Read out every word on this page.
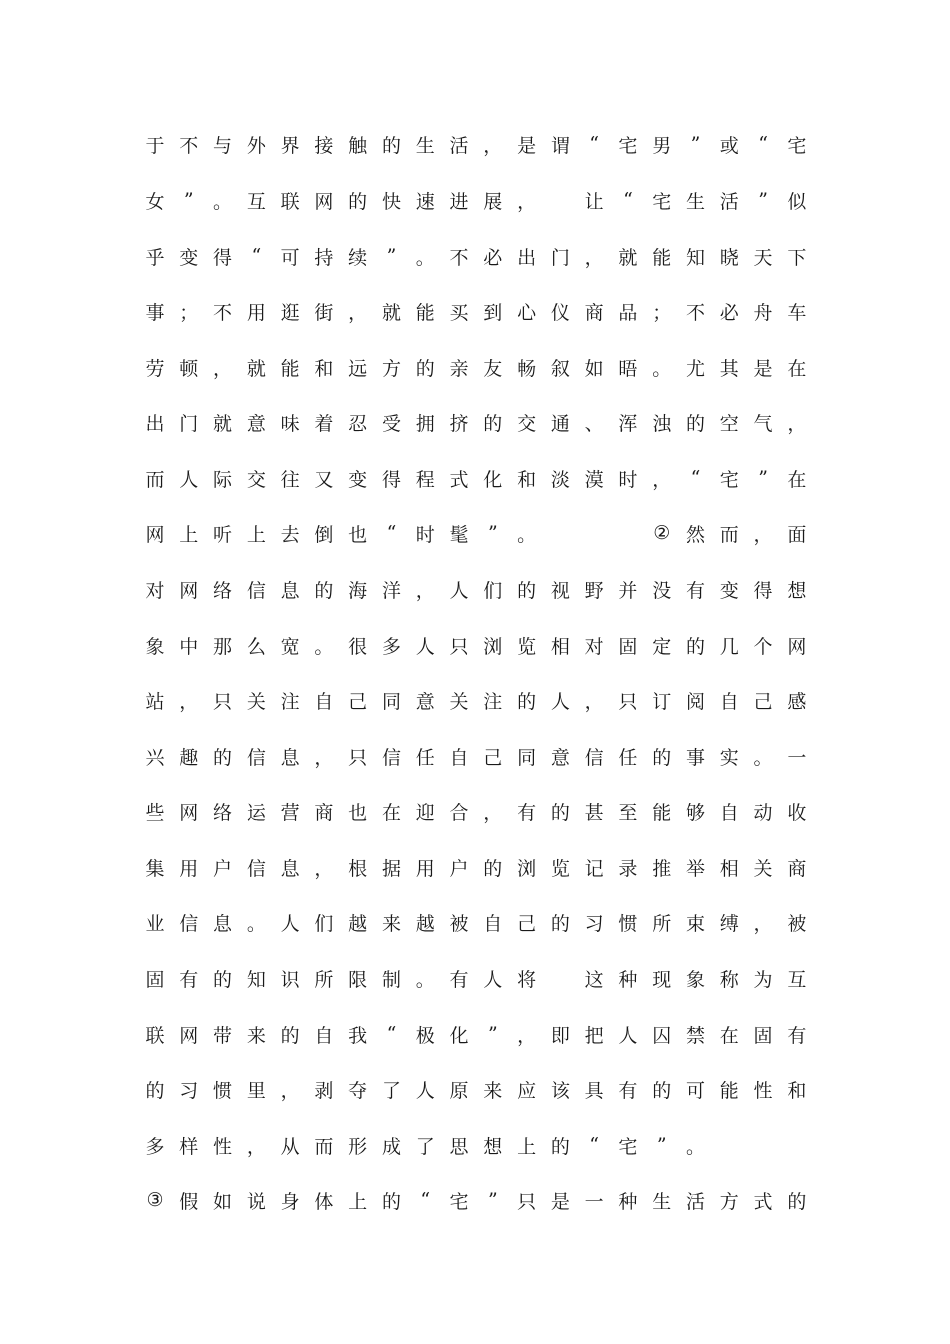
于 不 与 外 界 接 触 的 生 活 ， 是 谓	“	宅 男	”	或	“	宅
女	”	。 互 联 网 的 快 速 进 展 ，
　	让	“	宅 生 活	”	似
乎 变 得	“	可 持 续	”	。 不 必 出 门 ， 就 能 知 晓 天 下
事 ； 不 用 逛 街 ， 就 能 买 到 心 仪 商 品 ； 不 必 舟 车
劳 顿 ， 就 能 和 远 方 的 亲 友 畅 叙 如 晤 。 尤 其 是 在
出 门 就 意 味 着 忍 受 拥 挤 的 交 通 、 浑 浊 的 空 气 ，
而 人 际 交 往 又 变 得 程 式 化 和 淡 漠 时 ，	“	宅	”	在
网 上 听 上 去 倒 也	“	时 髦	”	。

　	② 然 而 ， 面
对 网 络 信 息 的 海 洋 ， 人 们 的 视 野 并 没 有 变 得 想
象 中 那 么 宽 。 很 多 人 只 浏 览 相 对 固 定 的 几 个 网
站 ， 只 关 注 自 己 同 意 关 注 的 人 ， 只 订 阅 自 己 感
兴 趣 的 信 息 ， 只 信 任 自 己 同 意 信 任 的 事 实 。 一
些 网 络 运 营 商 也 在 迎 合 ， 有 的 甚 至 能 够 自 动 收
集 用 户 信 息 ， 根 据 用 户 的 浏 览 记 录 推 举 相 关 商
业 信 息 。 人 们 越 来 越 被 自 己 的 习 惯 所 束 缚 ， 被
固 有 的 知 识 所 限 制 。 有 人 将
　	这 种 现 象 称 为 互
联 网 带 来 的 自 我	“	极 化	”	， 即 把 人 囚 禁 在 固 有
的 习 惯 里 ， 剥 夺 了 人 原 来 应 该 具 有 的 可 能 性 和
多 样 性 ， 从 而 形 成 了 思 想 上 的	“	宅	”	。
③ 假 如 说 身 体 上 的	“	宅	”	只 是 一 种 生 活 方 式 的
